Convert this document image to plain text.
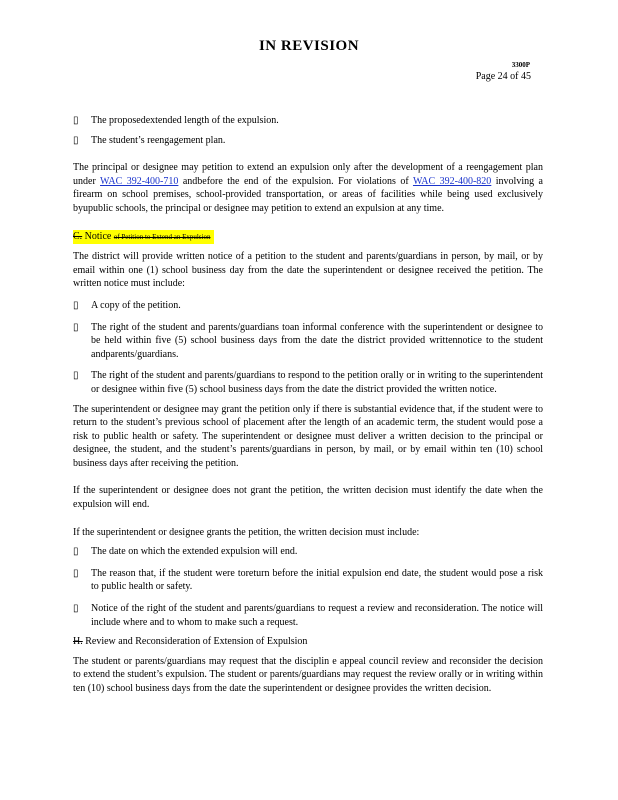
IN REVISION
3300P
Page 24 of 45

▯ The proposedextended length of the expulsion.

▯ The student’s reengagement plan.

The principal or designee may petition to extend an expulsion only after the development of a reengagement plan under WAC 392-400-710 andbefore the end of the expulsion. For violations of WAC 392-400-820 involving a firearm on school premises, school-provided transportation, or areas of facilities while being used exclusively byupublic schools, the principal or designee may petition to extend an expulsion at any time.

C. Notice of Petition to Extend an Expulsion

The district will provide written notice of a petition to the student and parents/guardians in person, by mail, or by email within one (1) school business day from the date the superintendent or designee received the petition. The written notice must include:

▯ A copy of the petition.

▯ The right of the student and parents/guardians toan informal conference with the superintendent or designee to be held within five (5) school business days from the date the district provided writtennotice to the student andparents/guardians.

▯ The right of the student and parents/guardians to respond to the petition orally or in writing to the superintendent or designee within five (5) school business days from the date the district provided the written notice.

The superintendent or designee may grant the petition only if there is substantial evidence that, if the student were to return to the student’s previous school of placement after the length of an academic term, the student would pose a risk to public health or safety. The superintendent or designee must deliver a written decision to the principal or designee, the student, and the student’s parents/guardians in person, by mail, or by email within ten (10) school business days after receiving the petition.

If the superintendent or designee does not grant the petition, the written decision must identify the date when the expulsion will end.

If the superintendent or designee grants the petition, the written decision must include:

▯ The date on which the extended expulsion will end.

▯ The reason that, if the student were toreturn before the initial expulsion end date, the student would pose a risk to public health or safety.

▯ Notice of the right of the student and parents/guardians to request a review and reconsideration. The notice will include where and to whom to make such a request.

H. Review and Reconsideration of Extension of Expulsion

The student or parents/guardians may request that the disciplin e appeal council review and reconsider the decision to extend the student’s expulsion. The student or parents/guardians may request the review orally or in writing within ten (10) school business days from the date the superintendent or designee provides the written decision.
